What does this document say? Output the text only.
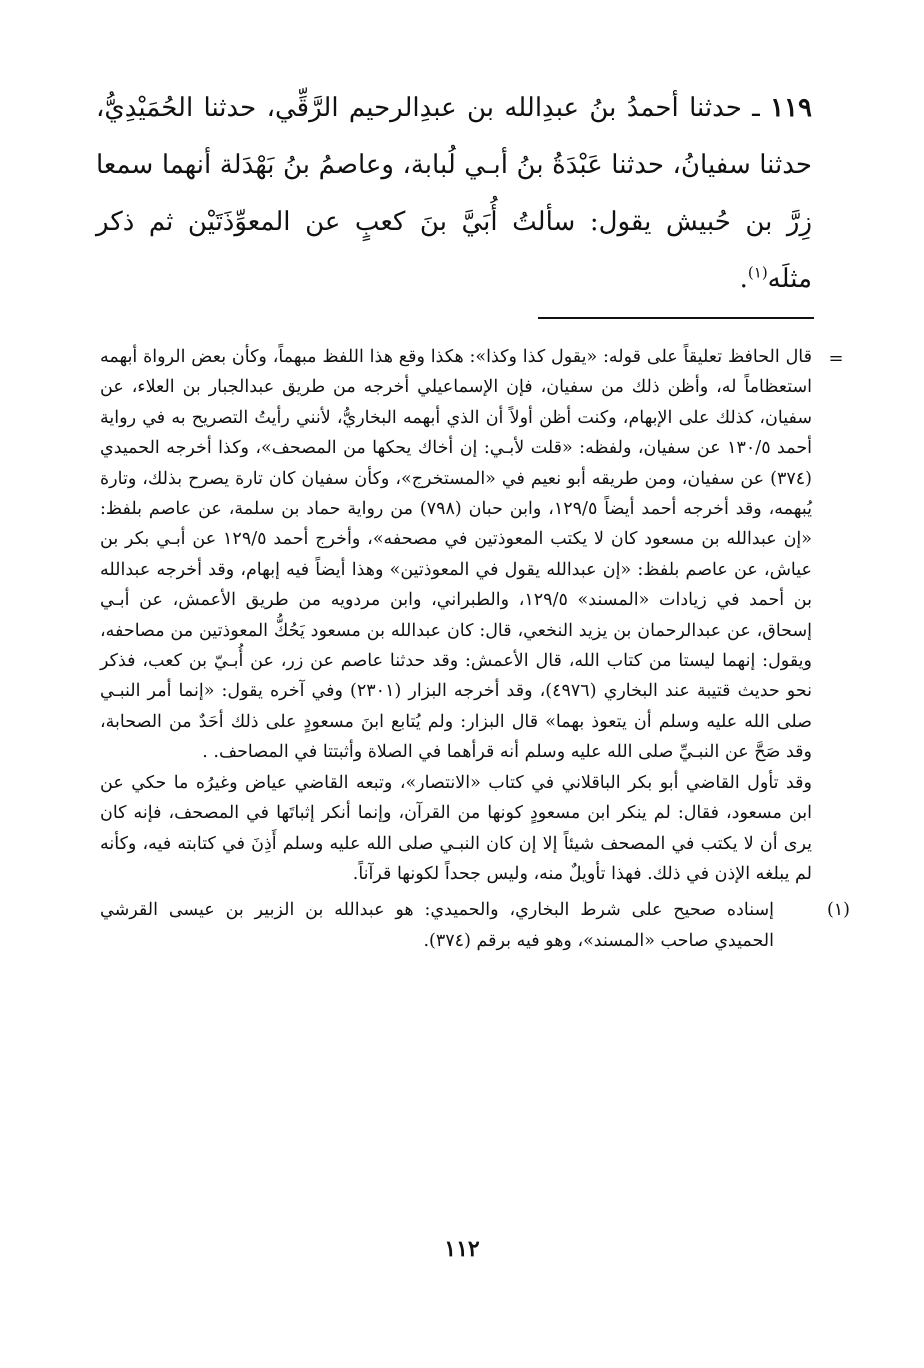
١١٩ ـ حدثنا أحمدُ بنُ عبدِالله بن عبدِالرحيم الرَّقِّي، حدثنا الحُمَيْدِيُّ، حدثنا سفيانُ، حدثنا عَبْدَةُ بنُ أبـي لُبابة، وعاصمُ بنُ بَهْدَلة أنهما سمعا زِرَّ بن حُبيش يقول: سألتُ أُبَيَّ بنَ كعبٍ عن المعوِّذَتَيْن ثم ذكر مثلَه$^{(١)}$.

=

قال الحافظ تعليقاً على قوله: «يقول كذا وكذا»: هكذا وقع هذا اللفظ مبهماً، وكأن بعض الرواة أبهمه استعظاماً له، وأظن ذلك من سفيان، فإن الإسماعيلي أخرجه من طريق عبدالجبار بن العلاء، عن سفيان، كذلك على الإبهام، وكنت أظن أولاً أن الذي أبهمه البخاريُّ، لأنني رأيتُ التصريح به في رواية أحمد ١٣٠/٥ عن سفيان، ولفظه: «قلت لأبـي: إن أخاك يحكها من المصحف»، وكذا أخرجه الحميدي (٣٧٤) عن سفيان، ومن طريقه أبو نعيم في «المستخرج»، وكأن سفيان كان تارة يصرح بذلك، وتارة يُبهمه، وقد أخرجه أحمد أيضاً ١٢٩/٥، وابن حبان (٧٩٨) من رواية حماد بن سلمة، عن عاصم بلفظ: «إن عبدالله بن مسعود كان لا يكتب المعوذتين في مصحفه»، وأخرج أحمد ١٢٩/٥ عن أبـي بكر بن عياش، عن عاصم بلفظ: «إن عبدالله يقول في المعوذتين» وهذا أيضاً فيه إبهام، وقد أخرجه عبدالله بن أحمد في زيادات «المسند» ١٢٩/٥، والطبراني، وابن مردويه من طريق الأعمش، عن أبـي إسحاق، عن عبدالرحمان بن يزيد النخعي، قال: كان عبدالله بن مسعود يَحُكُّ المعوذتين من مصاحفه، ويقول: إنهما ليستا من كتاب الله، قال الأعمش: وقد حدثنا عاصم عن زر، عن أُبـيّ بن كعب، فذكر نحو حديث قتيبة عند البخاري (٤٩٧٦)، وقد أخرجه البزار (٢٣٠١) وفي آخره يقول: «إنما أمر النبـي صلى الله عليه وسلم أن يتعوذ بهما» قال البزار: ولم يُتابع ابنَ مسعودٍ على ذلك أحَدٌ من الصحابة، وقد صَحَّ عن النبـيِّ صلى الله عليه وسلم أنه قرأهما في الصلاة وأثبتتا في المصاحف. .

وقد تأول القاضي أبو بكر الباقلاني في كتاب «الانتصار»، وتبعه القاضي عياض وغيرُه ما حكي عن ابن مسعود، فقال: لم ينكر ابن مسعودٍ كونها من القرآن، وإنما أنكر إثباتَها في المصحف، فإنه كان يرى أن لا يكتب في المصحف شيئاً إلا إن كان النبـي صلى الله عليه وسلم أَذِنَ في كتابته فيه، وكأنه لم يبلغه الإذن في ذلك. فهذا تأويلٌ منه، وليس جحداً لكونها قرآناً.

(١)

إسناده صحيح على شرط البخاري، والحميدي: هو عبدالله بن الزبير بن عيسى القرشي الحميدي صاحب «المسند»، وهو فيه برقم (٣٧٤).

١١٢
